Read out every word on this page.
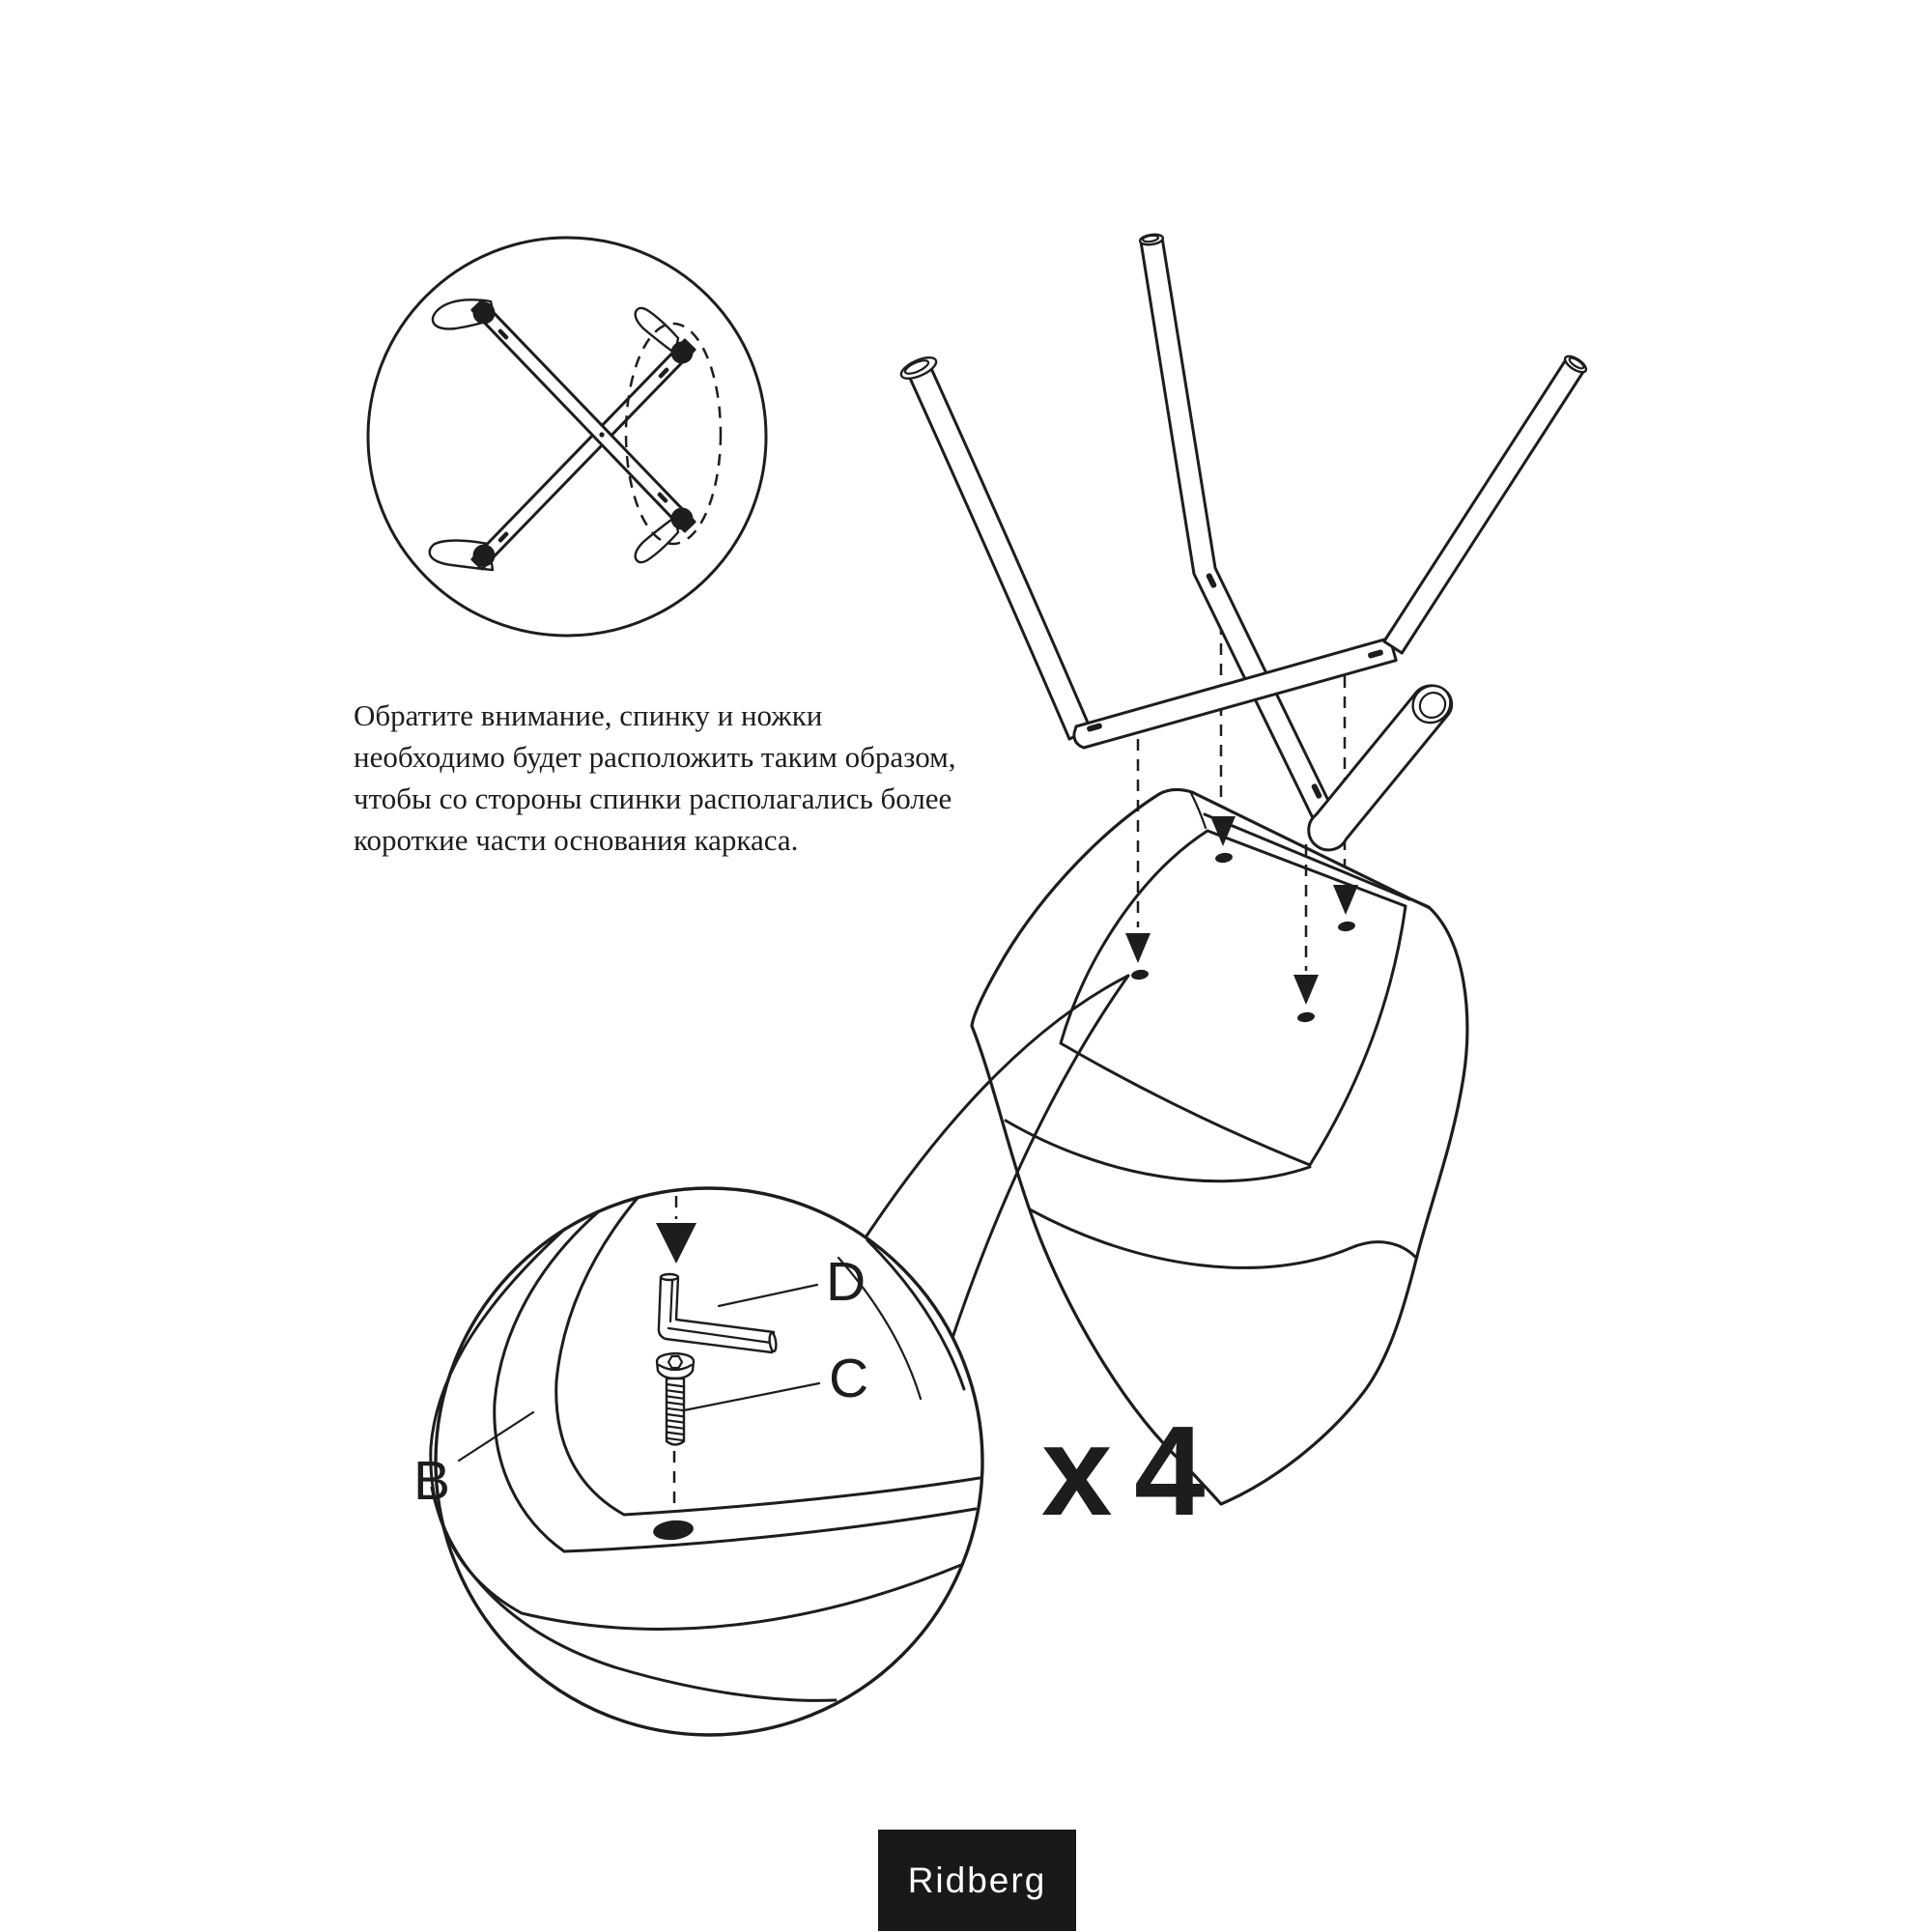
D
C
B	x 4
Обратите внимание, спинку и ножки
необходимо будет расположить таким образом,
чтобы со стороны спинки располагались более
короткие части основания каркаса.
Ridberg
